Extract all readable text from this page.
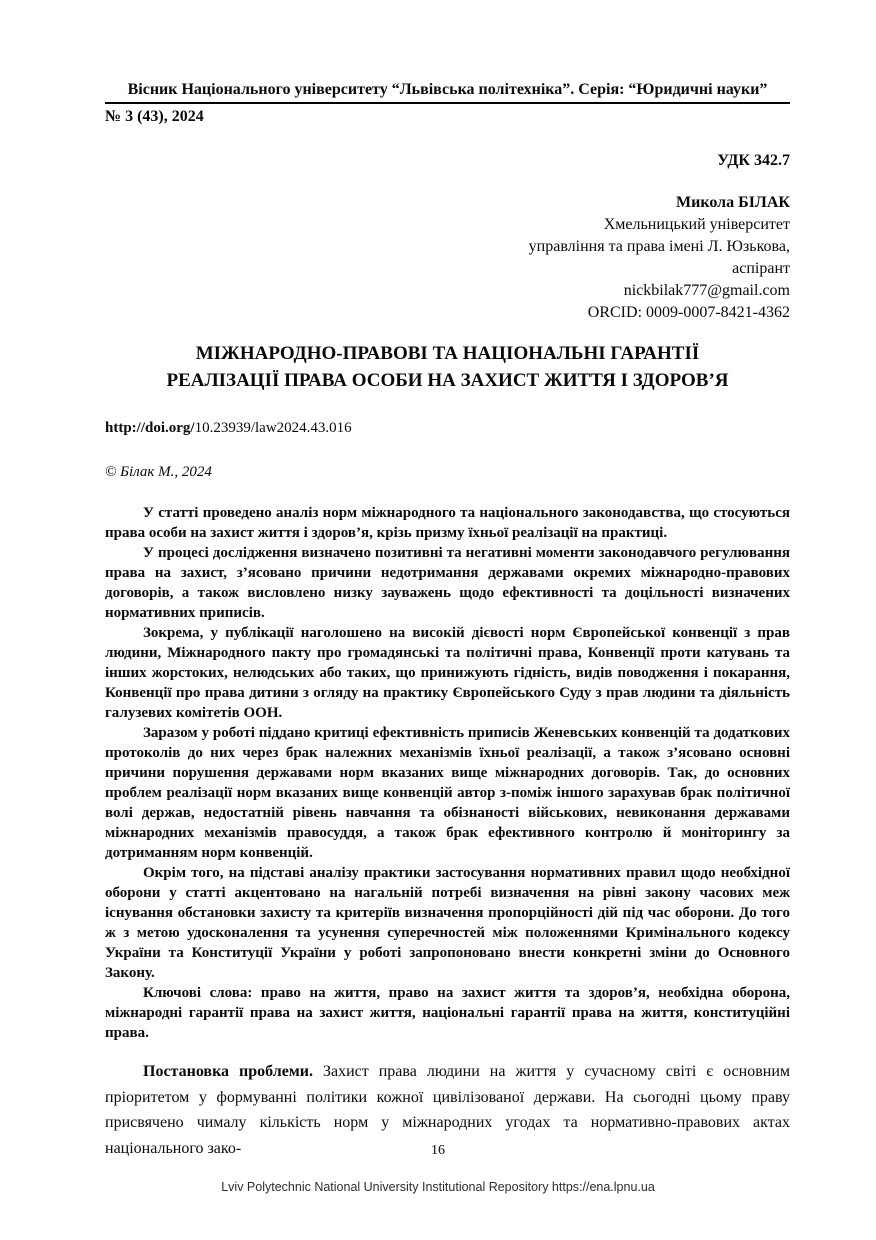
Вісник Національного університету “Львівська політехніка”. Серія: “Юридичні науки”
№ 3 (43), 2024
УДК 342.7
Микола БІЛАК
Хмельницький університет
управління та права імені Л. Юзькова,
аспірант
nickbilak777@gmail.com
ORCID: 0009-0007-8421-4362
МІЖНАРОДНО-ПРАВОВІ ТА НАЦІОНАЛЬНІ ГАРАНТІЇ
РЕАЛІЗАЦІЇ ПРАВА ОСОБИ НА ЗАХИСТ ЖИТТЯ І ЗДОРОВ’Я
http://doi.org/10.23939/law2024.43.016
© Білак М., 2024

У статті проведено аналіз норм міжнародного та національного законодавства, що стосуються права особи на захист життя і здоров’я, крізь призму їхньої реалізації на практиці.

У процесі дослідження визначено позитивні та негативні моменти законодавчого регулювання права на захист, з’ясовано причини недотримання державами окремих міжнародно-правових договорів, а також висловлено низку зауважень щодо ефективності та доцільності визначених нормативних приписів.

Зокрема, у публікації наголошено на високій дієвості норм Європейської конвенції з прав людини, Міжнародного пакту про громадянські та політичні права, Конвенції проти катувань та інших жорстоких, нелюдських або таких, що принижують гідність, видів поводження і покарання, Конвенції про права дитини з огляду на практику Європейського Суду з прав людини та діяльність галузевих комітетів ООН.

Заразом у роботі піддано критиці ефективність приписів Женевських конвенцій та додаткових протоколів до них через брак належних механізмів їхньої реалізації, а також з’ясовано основні причини порушення державами норм вказаних вище міжнародних договорів. Так, до основних проблем реалізації норм вказаних вище конвенцій автор з-поміж іншого зарахував брак політичної волі держав, недостатній рівень навчання та обізнаності військових, невиконання державами міжнародних механізмів правосуддя, а також брак ефективного контролю й моніторингу за дотриманням норм конвенцій.

Окрім того, на підставі аналізу практики застосування нормативних правил щодо необхідної оборони у статті акцентовано на нагальній потребі визначення на рівні закону часових меж існування обстановки захисту та критеріїв визначення пропорційності дій під час оборони. До того ж з метою удосконалення та усунення суперечностей між положеннями Кримінального кодексу України та Конституції України у роботі запропоновано внести конкретні зміни до Основного Закону.

Ключові слова: право на життя, право на захист життя та здоров’я, необхідна оборона, міжнародні гарантії права на захист життя, національні гарантії права на життя, конституційні права.

Постановка проблеми. Захист права людини на життя у сучасному світі є основним пріоритетом у формуванні політики кожної цивілізованої держави. На сьогодні цьому праву присвячено чималу кількість норм у міжнародних угодах та нормативно-правових актах національного зако-	16
Lviv Polytechnic National University Institutional Repository https://ena.lpnu.ua
